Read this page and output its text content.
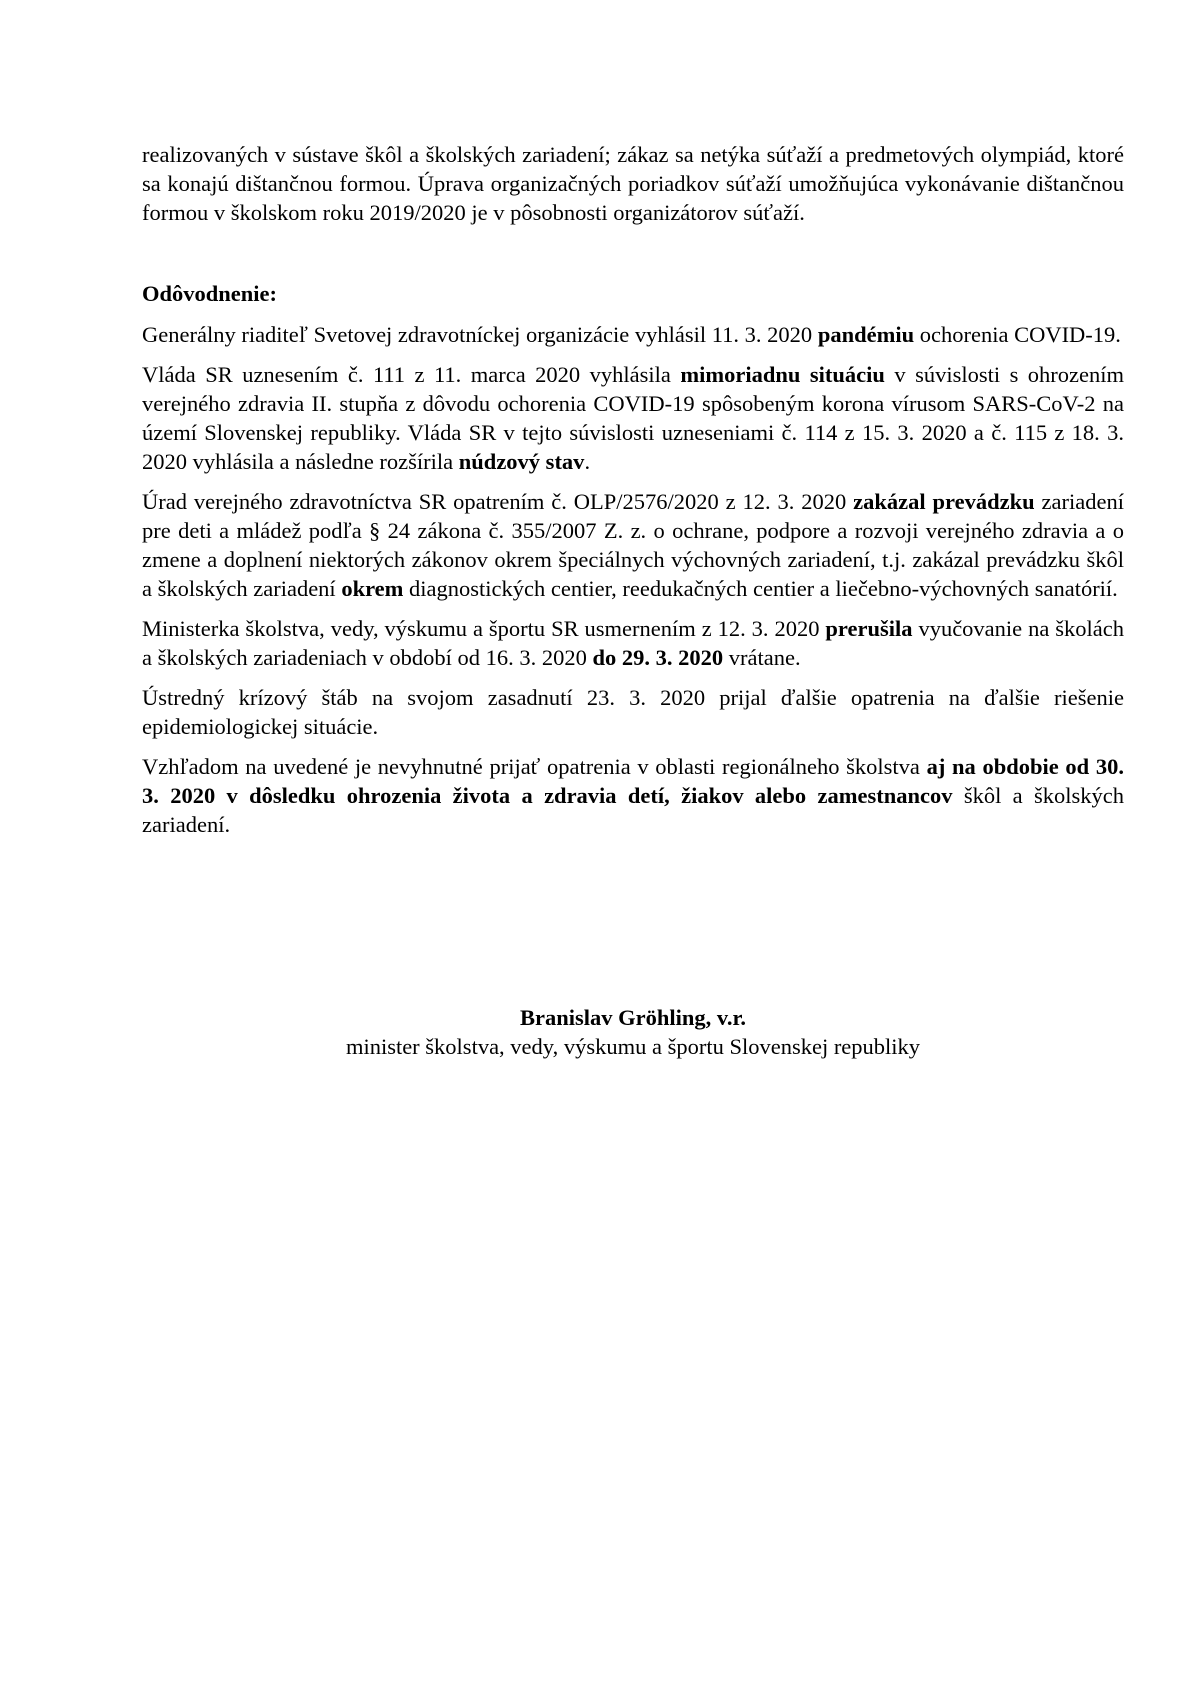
realizovaných v sústave škôl a školských zariadení; zákaz sa netýka súťaží a predmetových olympiád, ktoré sa konajú dištančnou formou. Úprava organizačných poriadkov súťaží umožňujúca vykonávanie dištančnou formou v školskom roku 2019/2020 je v pôsobnosti organizátorov súťaží.

Odôvodnenie:

Generálny riaditeľ Svetovej zdravotníckej organizácie vyhlásil 11. 3. 2020 pandémiu ochorenia COVID-19.

Vláda SR uznesením č. 111 z 11. marca 2020 vyhlásila mimoriadnu situáciu v súvislosti s ohrozením verejného zdravia II. stupňa z dôvodu ochorenia COVID-19 spôsobeným korona vírusom SARS-CoV-2 na území Slovenskej republiky. Vláda SR v tejto súvislosti uzneseniami č. 114 z 15. 3. 2020 a č. 115 z 18. 3. 2020 vyhlásila a následne rozšírila núdzový stav.

Úrad verejného zdravotníctva SR opatrením č. OLP/2576/2020 z 12. 3. 2020 zakázal prevádzku zariadení pre deti a mládež podľa § 24 zákona č. 355/2007 Z. z. o ochrane, podpore a rozvoji verejného zdravia a o zmene a doplnení niektorých zákonov okrem špeciálnych výchovných zariadení, t.j. zakázal prevádzku škôl a školských zariadení okrem diagnostických centier, reedukačných centier a liečebno-výchovných sanatórií.

Ministerka školstva, vedy, výskumu a športu SR usmernením z 12. 3. 2020 prerušila vyučovanie na školách a školských zariadeniach v období od 16. 3. 2020 do 29. 3. 2020 vrátane.

Ústredný krízový štáb na svojom zasadnutí 23. 3. 2020 prijal ďalšie opatrenia na ďalšie riešenie epidemiologickej situácie.

Vzhľadom na uvedené je nevyhnutné prijať opatrenia v oblasti regionálneho školstva aj na obdobie od 30. 3. 2020 v dôsledku ohrozenia života a zdravia detí, žiakov alebo zamestnancov škôl a školských zariadení.

Branislav Gröhling, v.r.
minister školstva, vedy, výskumu a športu Slovenskej republiky
